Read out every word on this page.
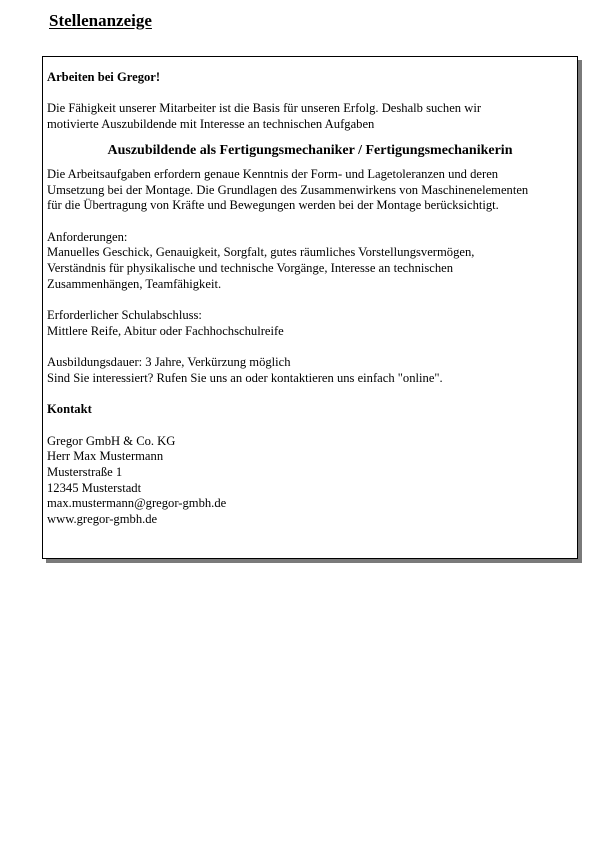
Stellenanzeige

Arbeiten bei Gregor!

Die Fähigkeit unserer Mitarbeiter ist die Basis für unseren Erfolg. Deshalb suchen wir
motivierte Auszubildende mit Interesse an technischen Aufgaben

Auszubildende als Fertigungsmechaniker / Fertigungsmechanikerin

Die Arbeitsaufgaben erfordern genaue Kenntnis der Form- und Lagetoleranzen und deren
Umsetzung bei der Montage. Die Grundlagen des Zusammenwirkens von Maschinenelementen
für die Übertragung von Kräfte und Bewegungen werden bei der Montage berücksichtigt.

Anforderungen:
Manuelles Geschick, Genauigkeit, Sorgfalt, gutes räumliches Vorstellungsvermögen,
Verständnis für physikalische und technische Vorgänge, Interesse an technischen
Zusammenhängen, Teamfähigkeit.

Erforderlicher Schulabschluss:
Mittlere Reife, Abitur oder Fachhochschulreife

Ausbildungsdauer: 3 Jahre, Verkürzung möglich
Sind Sie interessiert? Rufen Sie uns an oder kontaktieren uns einfach "online".

Kontakt

Gregor GmbH & Co. KG
Herr Max Mustermann
Musterstraße 1
12345 Musterstadt
max.mustermann@gregor-gmbh.de
www.gregor-gmbh.de
